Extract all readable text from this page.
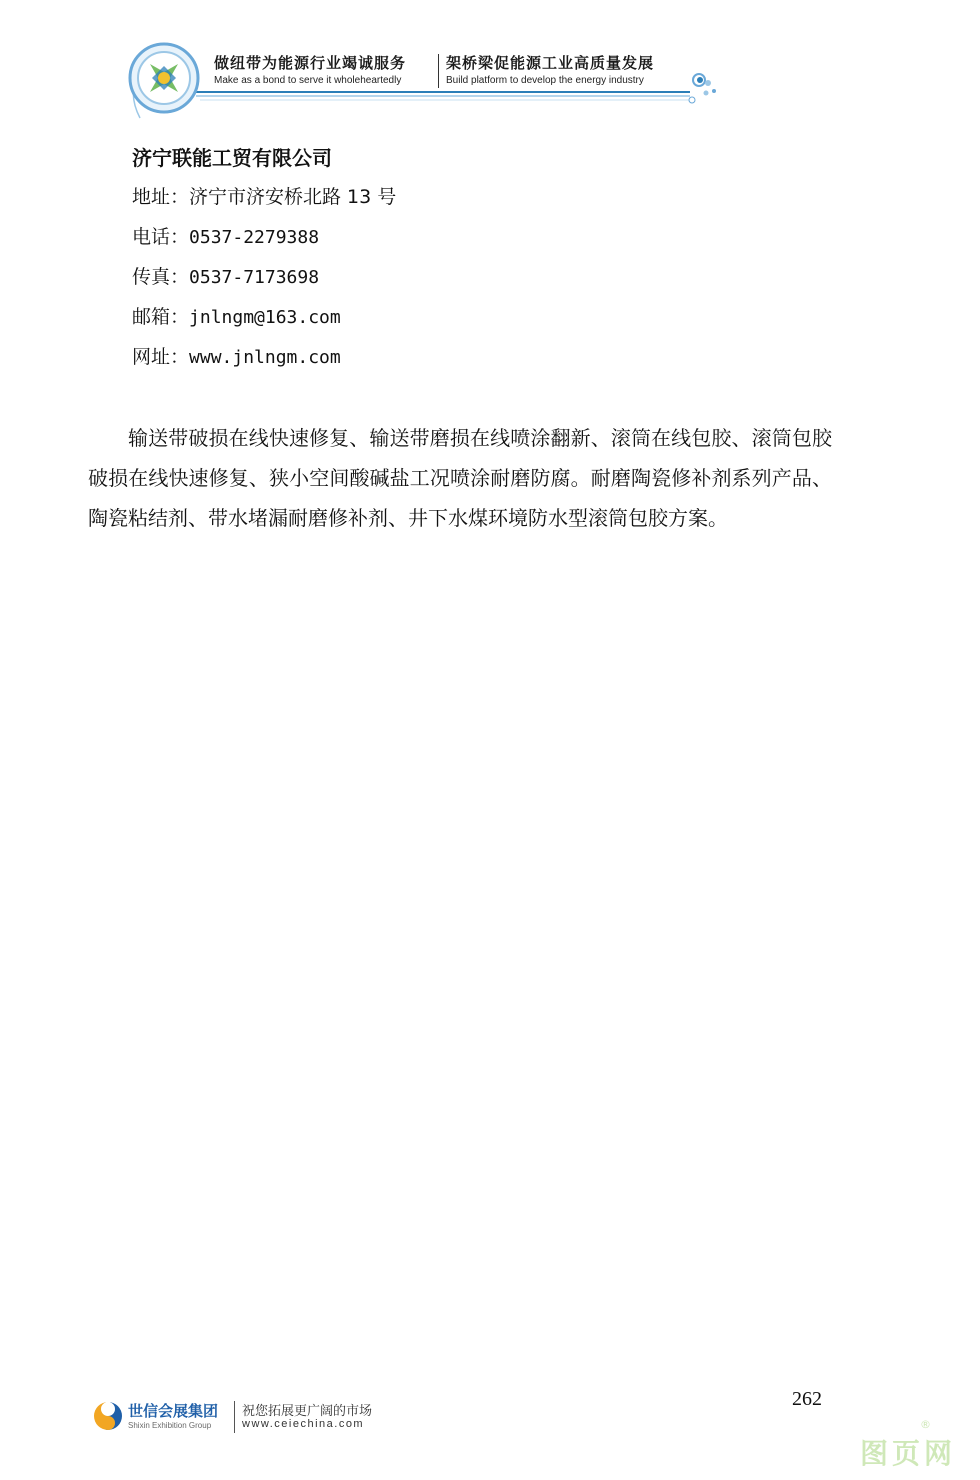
做纽带为能源行业竭诚服务	架桥梁促能源工业高质量发展
Make as a bond to serve it wholeheartedly	Build platform to develop the energy industry
济宁联能工贸有限公司
地址：济宁市济安桥北路 13 号
电话：0537-2279388
传真：0537-7173698
邮箱：jnlngm@163.com
网址：www.jnlngm.com
输送带破损在线快速修复、输送带磨损在线喷涂翻新、滚筒在线包胶、滚筒包胶破损在线快速修复、狭小空间酸碱盐工况喷涂耐磨防腐。耐磨陶瓷修补剂系列产品、陶瓷粘结剂、带水堵漏耐磨修补剂、井下水煤环境防水型滚筒包胶方案。
世信会展集团
Shixin Exhibition Group
祝您拓展更广阔的市场
www.ceiechina.com
262
图页网
®
